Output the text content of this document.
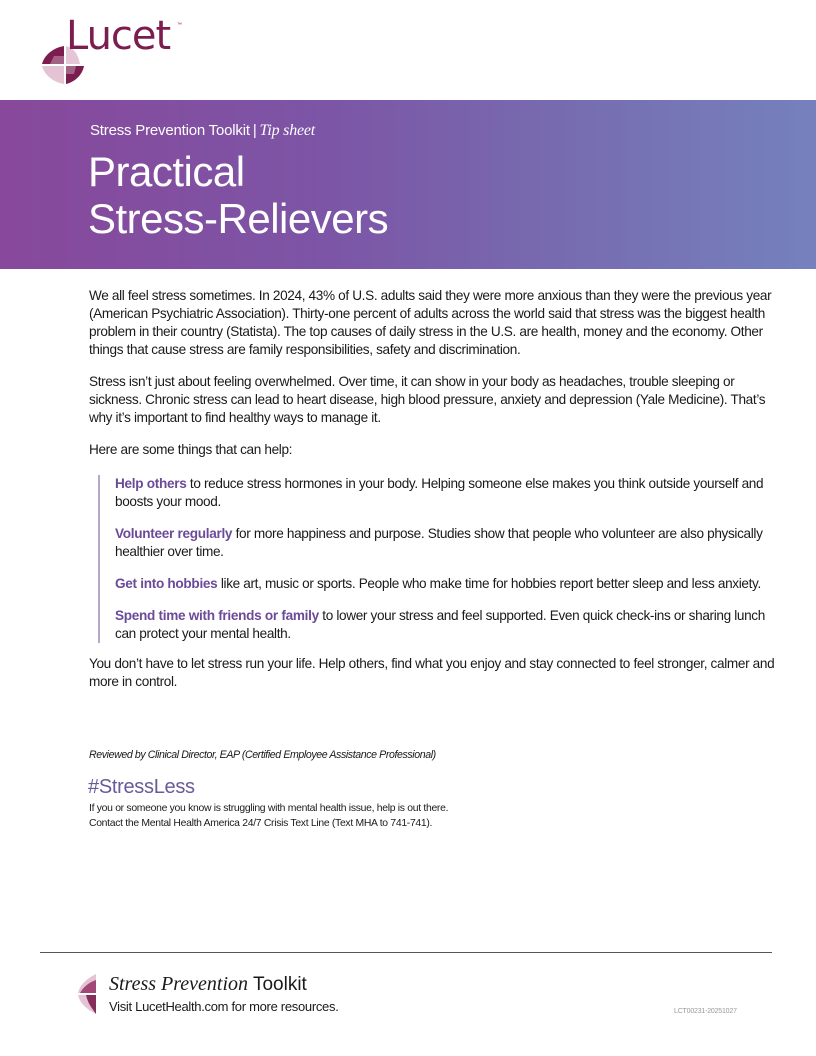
Lucet ™
Stress Prevention Toolkit | Tip sheet
Practical
Stress-Relievers

We all feel stress sometimes. In 2024, 43% of U.S. adults said they were more anxious than they were the previous year (American Psychiatric Association). Thirty-one percent of adults across the world said that stress was the biggest health problem in their country (Statista). The top causes of daily stress in the U.S. are health, money and the economy. Other things that cause stress are family responsibilities, safety and discrimination.

Stress isn’t just about feeling overwhelmed. Over time, it can show in your body as headaches, trouble sleeping or sickness. Chronic stress can lead to heart disease, high blood pressure, anxiety and depression (Yale Medicine). That’s why it’s important to find healthy ways to manage it.

Here are some things that can help:

Help others to reduce stress hormones in your body. Helping someone else makes you think outside yourself and boosts your mood.
Volunteer regularly for more happiness and purpose. Studies show that people who volunteer are also physically healthier over time.
Get into hobbies like art, music or sports. People who make time for hobbies report better sleep and less anxiety.
Spend time with friends or family to lower your stress and feel supported. Even quick check-ins or sharing lunch can protect your mental health.

You don’t have to let stress run your life. Help others, find what you enjoy and stay connected to feel stronger, calmer and more in control.

Reviewed by Clinical Director, EAP (Certified Employee Assistance Professional)
#StressLess
If you or someone you know is struggling with mental health issue, help is out there.
Contact the Mental Health America 24/7 Crisis Text Line (Text MHA to 741-741).
Stress Prevention Toolkit
Visit LucetHealth.com for more resources.	LCT00231-20251027
